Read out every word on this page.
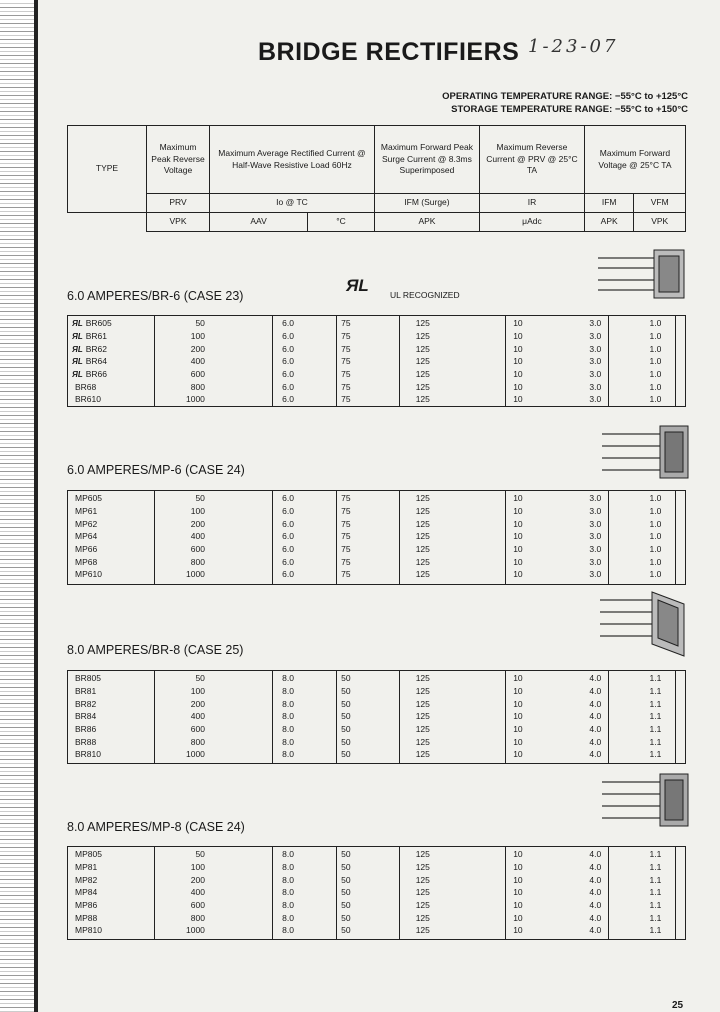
BRIDGE RECTIFIERS 1-23-07
OPERATING TEMPERATURE RANGE: −55°C to +125°C
STORAGE TEMPERATURE RANGE: −55°C to +150°C
TYPE	Maximum Peak Reverse Voltage	Maximum Average Rectified Current @ Half-Wave Resistive Load 60Hz		Maximum Forward Peak Surge Current @ 8.3ms Superimposed	Maximum Reverse Current @ PRV @ 25°C TA	Maximum Forward Voltage @ 25°C TA	
	PRV	Io @ TC		IFM (Surge)	IR	IFM	VFM
	VPK	AAV	°C	APK	μAdc	APK	VPK
ЯL UL RECOGNIZED
6.0 AMPERES/BR-6 (CASE 23)
6.0 AMPERES/MP-6 (CASE 24)
8.0 AMPERES/BR-8 (CASE 25)
8.0 AMPERES/MP-8 (CASE 24)
ЯL BR605	50	6.0	75	125	10	3.0	1.0
ЯL BR61	100	6.0	75	125	10	3.0	1.0
ЯL BR62	200	6.0	75	125	10	3.0	1.0
ЯL BR64	400	6.0	75	125	10	3.0	1.0
ЯL BR66	600	6.0	75	125	10	3.0	1.0
BR68	800	6.0	75	125	10	3.0	1.0
BR610	1000	6.0	75	125	10	3.0	1.0
MP605	50	6.0	75	125	10	3.0	1.0
MP61	100	6.0	75	125	10	3.0	1.0
MP62	200	6.0	75	125	10	3.0	1.0
MP64	400	6.0	75	125	10	3.0	1.0
MP66	600	6.0	75	125	10	3.0	1.0
MP68	800	6.0	75	125	10	3.0	1.0
MP610	1000	6.0	75	125	10	3.0	1.0
BR805	50	8.0	50	125	10	4.0	1.1
BR81	100	8.0	50	125	10	4.0	1.1
BR82	200	8.0	50	125	10	4.0	1.1
BR84	400	8.0	50	125	10	4.0	1.1
BR86	600	8.0	50	125	10	4.0	1.1
BR88	800	8.0	50	125	10	4.0	1.1
BR810	1000	8.0	50	125	10	4.0	1.1
MP805	50	8.0	50	125	10	4.0	1.1
MP81	100	8.0	50	125	10	4.0	1.1
MP82	200	8.0	50	125	10	4.0	1.1
MP84	400	8.0	50	125	10	4.0	1.1
MP86	600	8.0	50	125	10	4.0	1.1
MP88	800	8.0	50	125	10	4.0	1.1
MP810	1000	8.0	50	125	10	4.0	1.1
25
